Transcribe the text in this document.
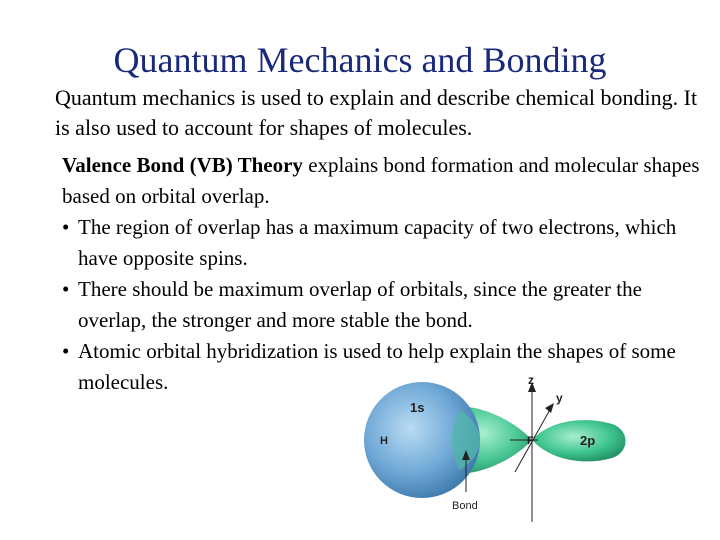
Quantum Mechanics and Bonding
Quantum mechanics is used to explain and describe chemical bonding. It is also used to account for shapes of molecules.
Valence Bond (VB) Theory explains bond formation and molecular shapes based on orbital overlap.
• The region of overlap has a maximum capacity of two electrons, which have opposite spins.
• There should be maximum overlap of orbitals, since the greater the overlap, the stronger and more stable the bond.
• Atomic orbital hybridization is used to help explain the shapes of some molecules.
1s
H	F	2p
z
y
Bond
